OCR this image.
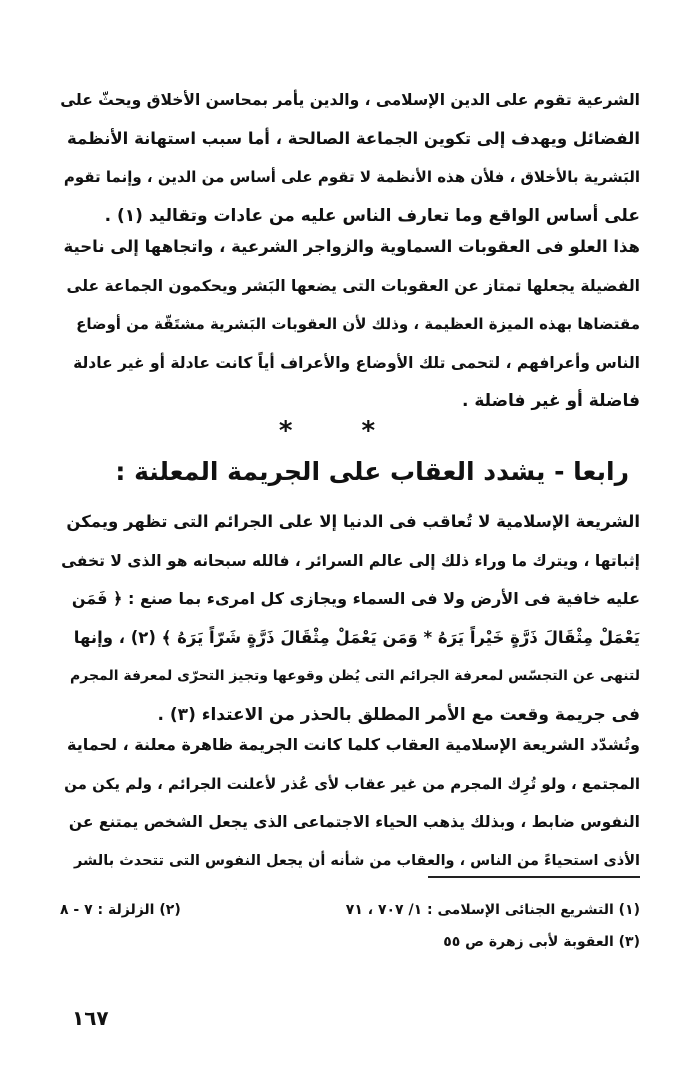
الشرعية تقوم على الدين الإسلامى ، والدين يأمر بمحاسن الأخلاق ويحثّ على
الفضائل ويهدف إلى تكوين الجماعة الصالحة ، أما سبب استهانة الأنظمة
البَشرية بالأخلاق ، فلأن هذه الأنظمة لا تقوم على أساس من الدين ، وإنما تقوم
على أساس الواقع وما تعارف الناس عليه من عادات وتقاليد (١) .
هذا العلو فى العقوبات السماوية والزواجر الشرعية ، واتجاهها إلى ناحية
الفضيلة يجعلها تمتاز عن العقوبات التى يضعها البَشر ويحكمون الجماعة على
مقتضاها بهذه الميزة العظيمة ، وذلك لأن العقوبات البَشرية مشتَقّة من أوضاع
الناس وأعرافهم ، لتحمى تلك الأوضاع والأعراف أياً كانت عادلة أو غير عادلة
فاضلة أو غير فاضلة .
* *
رابعا - يشدد العقاب على الجريمة المعلنة :
الشريعة الإسلامية لا تُعاقب فى الدنيا إلا على الجرائم التى تظهر ويمكن
إثباتها ، ويترك ما وراء ذلك إلى عالم السرائر ، فالله سبحانه هو الذى لا تخفى
عليه خافية فى الأرض ولا فى السماء ويجازى كل امرىء بما صنع : ﴿ فَمَن
يَعْمَلْ مِثْقَالَ ذَرَّةٍ خَيْراً يَرَهُ * وَمَن يَعْمَلْ مِثْقَالَ ذَرَّةٍ شَرّاً يَرَهُ ﴾ (٢) ، وإنها
لتنهى عن التجسّس لمعرفة الجرائم التى يُظن وقوعها وتجيز التحرّى لمعرفة المجرم
فى جريمة وقعت مع الأمر المطلق بالحذر من الاعتداء (٣) .
وتُشدّد الشريعة الإسلامية العقاب كلما كانت الجريمة ظاهرة معلنة ، لحماية
المجتمع ، ولو تُرِك المجرم من غير عقاب لأى عُذر لأعلنت الجرائم ، ولم يكن من
النفوس ضابط ، وبذلك يذهب الحياء الاجتماعى الذى يجعل الشخص يمتنع عن
الأذى استحياءً من الناس ، والعقاب من شأنه أن يجعل النفوس التى تتحدث بالشر
(١) التشريع الجنائى الإسلامى : ١/ ٧٠٧ ، ٧١
(٢) الزلزلة : ٧ - ٨
(٣) العقوبة لأبى زهرة ص ٥٥
١٦٧
